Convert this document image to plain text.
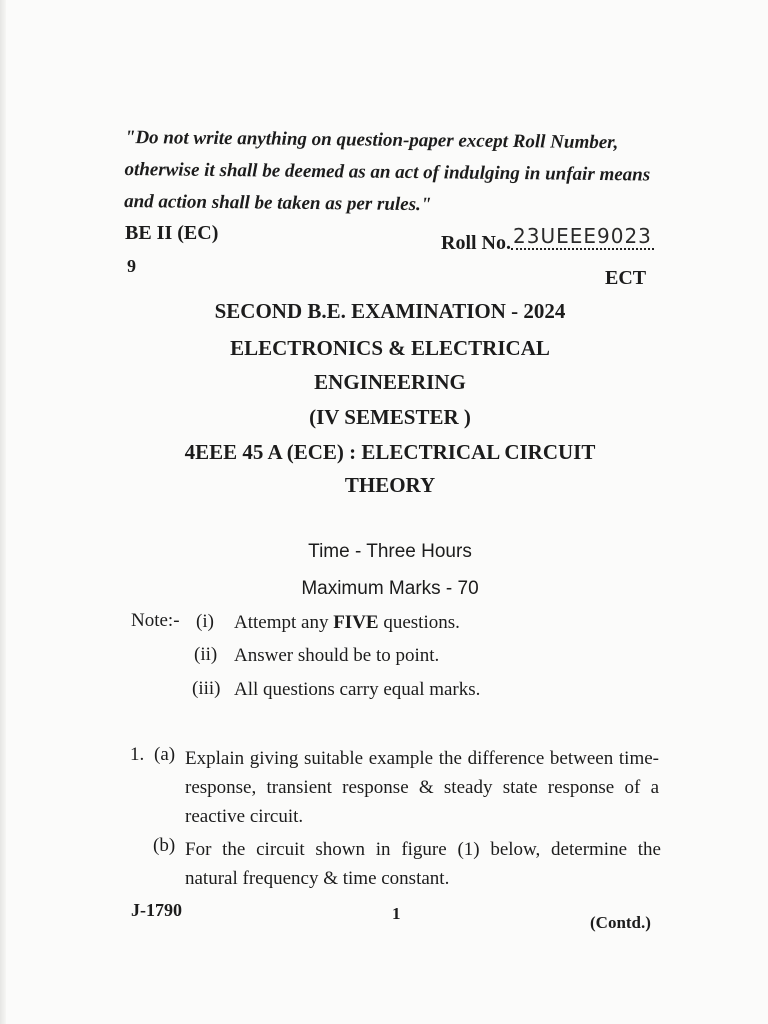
"Do not write anything on question-paper except Roll Number, otherwise it shall be deemed as an act of indulging in unfair means and action shall be taken as per rules."
BE II (EC)	Roll No. 23UEEE9023
9
ECT
SECOND B.E. EXAMINATION - 2024
ELECTRONICS & ELECTRICAL
ENGINEERING
(IV SEMESTER )
4EEE 45 A (ECE) : ELECTRICAL CIRCUIT
THEORY
Time - Three Hours
Maximum Marks - 70
Note:- (i) Attempt any FIVE questions.
(ii) Answer should be to point.
(iii) All questions carry equal marks.
1. (a) Explain giving suitable example the difference between time-response, transient response & steady state response of a reactive circuit.
(b) For the circuit shown in figure (1) below, determine the natural frequency & time constant.
J-1790	1	(Contd.)
